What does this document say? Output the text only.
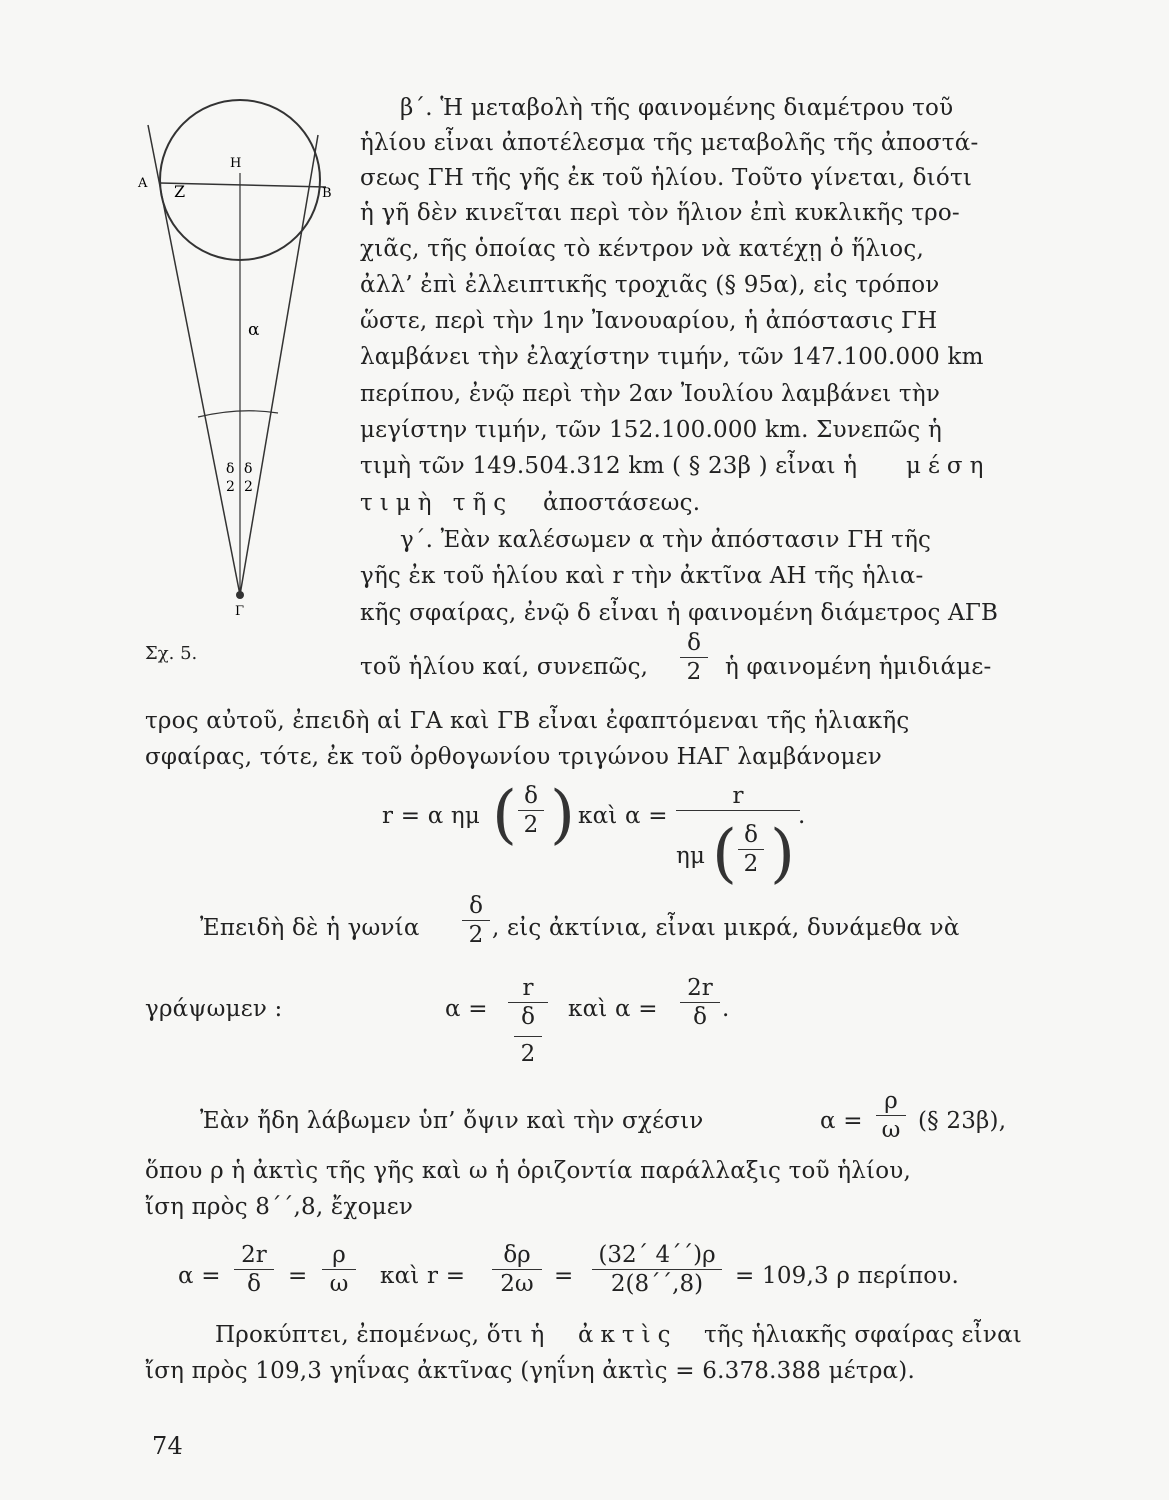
Α Ζ
Η
Β
α
δ
2
δ
2
Γ
Σχ. 5.
β΄. Ἡ μεταβολὴ τῆς φαινομένης διαμέτρου τοῦ
ἡλίου εἶναι ἀποτέλεσμα τῆς μεταβολῆς τῆς ἀποστά-
σεως ΓΗ τῆς γῆς ἐκ τοῦ ἡλίου. Τοῦτο γίνεται, διότι
ἡ γῆ δὲν κινεῖται περὶ τὸν ἥλιον ἐπὶ κυκλικῆς τρο-
χιᾶς, τῆς ὁποίας τὸ κέντρον νὰ κατέχῃ ὁ ἥλιος,
ἀλλ’ ἐπὶ ἐλλειπτικῆς τροχιᾶς (§ 95α), εἰς τρόπον
ὥστε, περὶ τὴν 1ην Ἰανουαρίου, ἡ ἀπόστασις ΓΗ
λαμβάνει τὴν ἐλαχίστην τιμήν, τῶν 147.100.000 km
περίπου, ἐνῷ περὶ τὴν 2αν Ἰουλίου λαμβάνει τὴν
μεγίστην τιμήν, τῶν 152.100.000 km. Συνεπῶς ἡ
τιμὴ τῶν 149.504.312 km ( § 23β ) εἶναι ἡ μέση
τιμὴ τῆς ἀποστάσεως.
γ΄. Ἐὰν καλέσωμεν α τὴν ἀπόστασιν ΓΗ τῆς
γῆς ἐκ τοῦ ἡλίου καὶ r τὴν ἀκτῖνα ΑΗ τῆς ἡλια-
κῆς σφαίρας, ἐνῷ δ εἶναι ἡ φαινομένη διάμετρος ΑΓΒ
τοῦ ἡλίου καί, συνεπῶς,
δ
2 ἡ φαινομένη ἡμιδιάμε-
τρος αὐτοῦ, ἐπειδὴ αἱ ΓΑ καὶ ΓΒ εἶναι ἐφαπτόμεναι τῆς ἡλιακῆς
σφαίρας, τότε, ἐκ τοῦ ὀρθογωνίου τριγώνου ΗΑΓ λαμβάνομεν
r = α ημ ( δ
2 ) καὶ α =
r
ημ ( δ
2 )
.
Ἐπειδὴ δὲ ἡ γωνία
δ
2 , εἰς ἀκτίνια, εἶναι μικρά, δυνάμεθα νὰ
γράψωμεν :	α =
r
δ
2
καὶ α =
2r
δ .
Ἐὰν ἤδη λάβωμεν ὑπ’ ὄψιν καὶ τὴν σχέσιν	α =
ρ
ω (§ 23β),
ὅπου ρ ἡ ἀκτὶς τῆς γῆς καὶ ω ἡ ὁριζοντία παράλλαξις τοῦ ἡλίου,
ἴση πρὸς 8΄΄,8, ἔχομεν
α =
2r
δ	=
ρ
ω	καὶ r =
δρ
2ω =
(32΄ 4΄΄)ρ
2(8΄΄,8)	= 109,3 ρ περίπου.
Προκύπτει, ἐπομένως, ὅτι ἡ ἀκτὶς τῆς ἡλιακῆς σφαίρας εἶναι
ἴση πρὸς 109,3 γηΐνας ἀκτῖνας (γηΐνη ἀκτὶς = 6.378.388 μέτρα).
74
